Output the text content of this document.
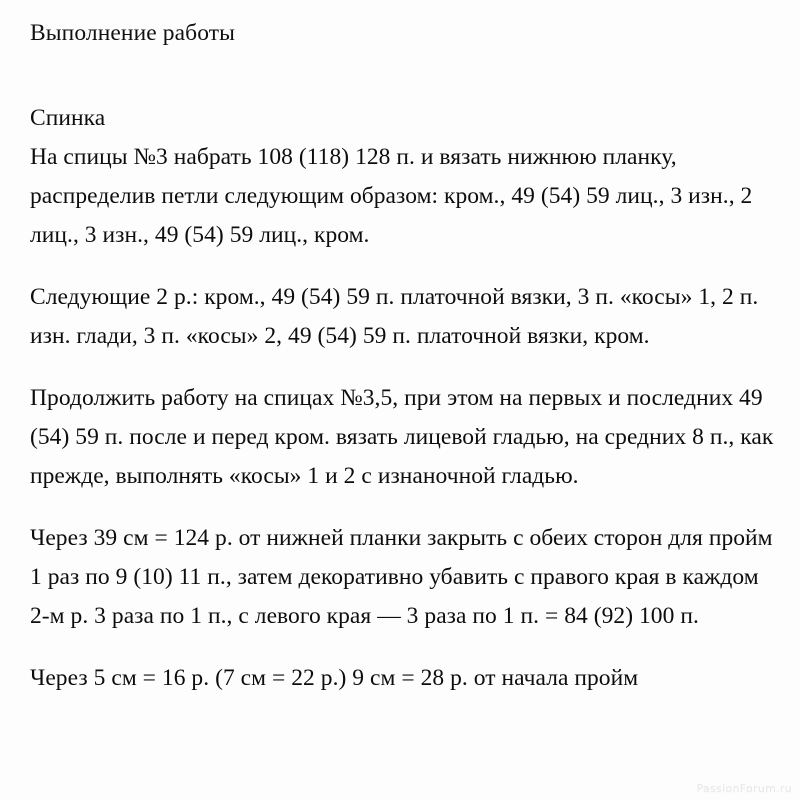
Выполнение работы
Спинка

На спицы №3 набрать 108 (118) 128 п. и вязать нижнюю планку, распределив петли следующим образом: кром., 49 (54) 59 лиц., 3 изн., 2 лиц., 3 изн., 49 (54) 59 лиц., кром.

Следующие 2 р.: кром., 49 (54) 59 п. платочной вязки, 3 п. «косы» 1, 2 п. изн. глади, 3 п. «косы» 2, 49 (54) 59 п. платочной вязки, кром.

Продолжить работу на спицах №3,5, при этом на первых и последних 49 (54) 59 п. после и перед кром. вязать лицевой гладью, на средних 8 п., как прежде, выполнять «косы» 1 и 2 с изнаночной гладью.

Через 39 см = 124 р. от нижней планки закрыть с обеих сторон для пройм 1 раз по 9 (10) 11 п., затем декоративно убавить с правого края в каждом 2-м р. 3 раза по 1 п., с левого края — 3 раза по 1 п. = 84 (92) 100 п.

Через 5 см = 16 р. (7 см = 22 р.) 9 см = 28 р. от начала пройм

PassionForum.ru
